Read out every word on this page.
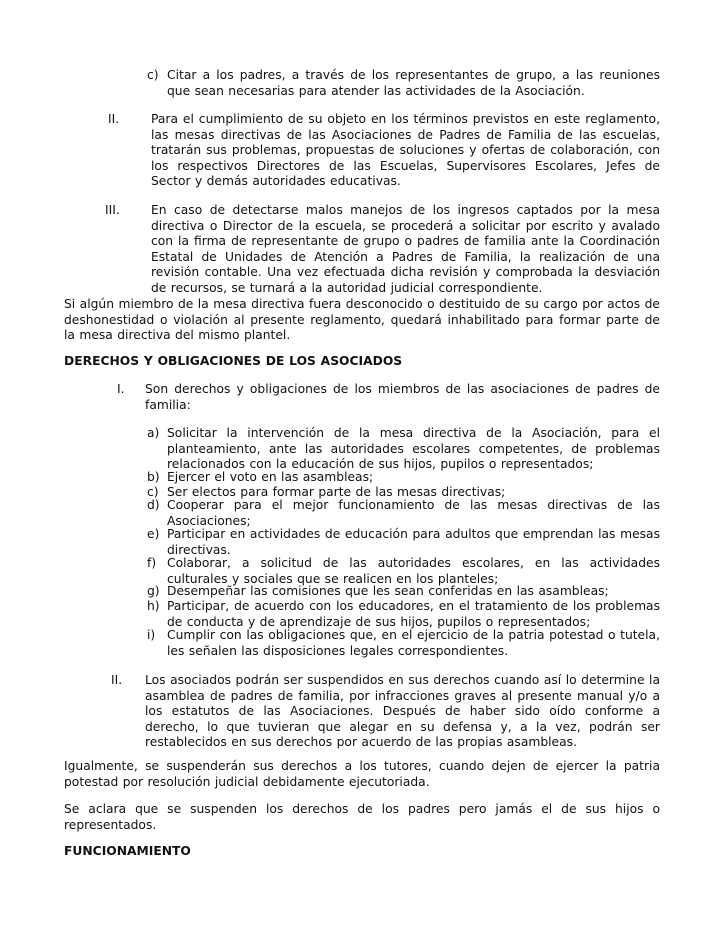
c) Citar a los padres, a través de los representantes de grupo, a las reuniones que sean necesarias para atender las actividades de la Asociación.

II.	Para el cumplimiento de su objeto en los términos previstos en este reglamento, las mesas directivas de las Asociaciones de Padres de Familia de las escuelas, tratarán sus problemas, propuestas de soluciones y ofertas de colaboración, con los respectivos Directores de las Escuelas, Supervisores Escolares, Jefes de Sector y demás autoridades educativas.

III.	En caso de detectarse malos manejos de los ingresos captados por la mesa directiva o Director de la escuela, se procederá a solicitar por escrito y avalado con la firma de representante de grupo o padres de familia ante la Coordinación Estatal de Unidades de Atención a Padres de Familia, la realización de una revisión contable. Una vez efectuada dicha revisión y comprobada la desviación de recursos, se turnará a la autoridad judicial correspondiente.

Si algún miembro de la mesa directiva fuera desconocido o destituido de su cargo por actos de deshonestidad o violación al presente reglamento, quedará inhabilitado para formar parte de la mesa directiva del mismo plantel.

DERECHOS Y OBLIGACIONES DE LOS ASOCIADOS
I. Son derechos y obligaciones de los miembros de las asociaciones de padres de familia:

a) Solicitar la intervención de la mesa directiva de la Asociación, para el planteamiento, ante las autoridades escolares competentes, de problemas relacionados con la educación de sus hijos, pupilos o representados;

b) Ejercer el voto en las asambleas;

c) Ser electos para formar parte de las mesas directivas;

d) Cooperar para el mejor funcionamiento de las mesas directivas de las Asociaciones;

e) Participar en actividades de educación para adultos que emprendan las mesas directivas.

f) Colaborar, a solicitud de las autoridades escolares, en las actividades culturales y sociales que se realicen en los planteles;

g) Desempeñar las comisiones que les sean conferidas en las asambleas;

h) Participar, de acuerdo con los educadores, en el tratamiento de los problemas de conducta y de aprendizaje de sus hijos, pupilos o representados;

i) Cumplir con las obligaciones que, en el ejercicio de la patria potestad o tutela, les señalen las disposiciones legales correspondientes.

II. Los asociados podrán ser suspendidos en sus derechos cuando así lo determine la asamblea de padres de familia, por infracciones graves al presente manual y/o a los estatutos de las Asociaciones. Después de haber sido oído conforme a derecho, lo que tuvieran que alegar en su defensa y, a la vez, podrán ser restablecidos en sus derechos por acuerdo de las propias asambleas.

Igualmente, se suspenderán sus derechos a los tutores, cuando dejen de ejercer la patria potestad por resolución judicial debidamente ejecutoriada.

Se aclara que se suspenden los derechos de los padres pero jamás el de sus hijos o representados.

FUNCIONAMIENTO
